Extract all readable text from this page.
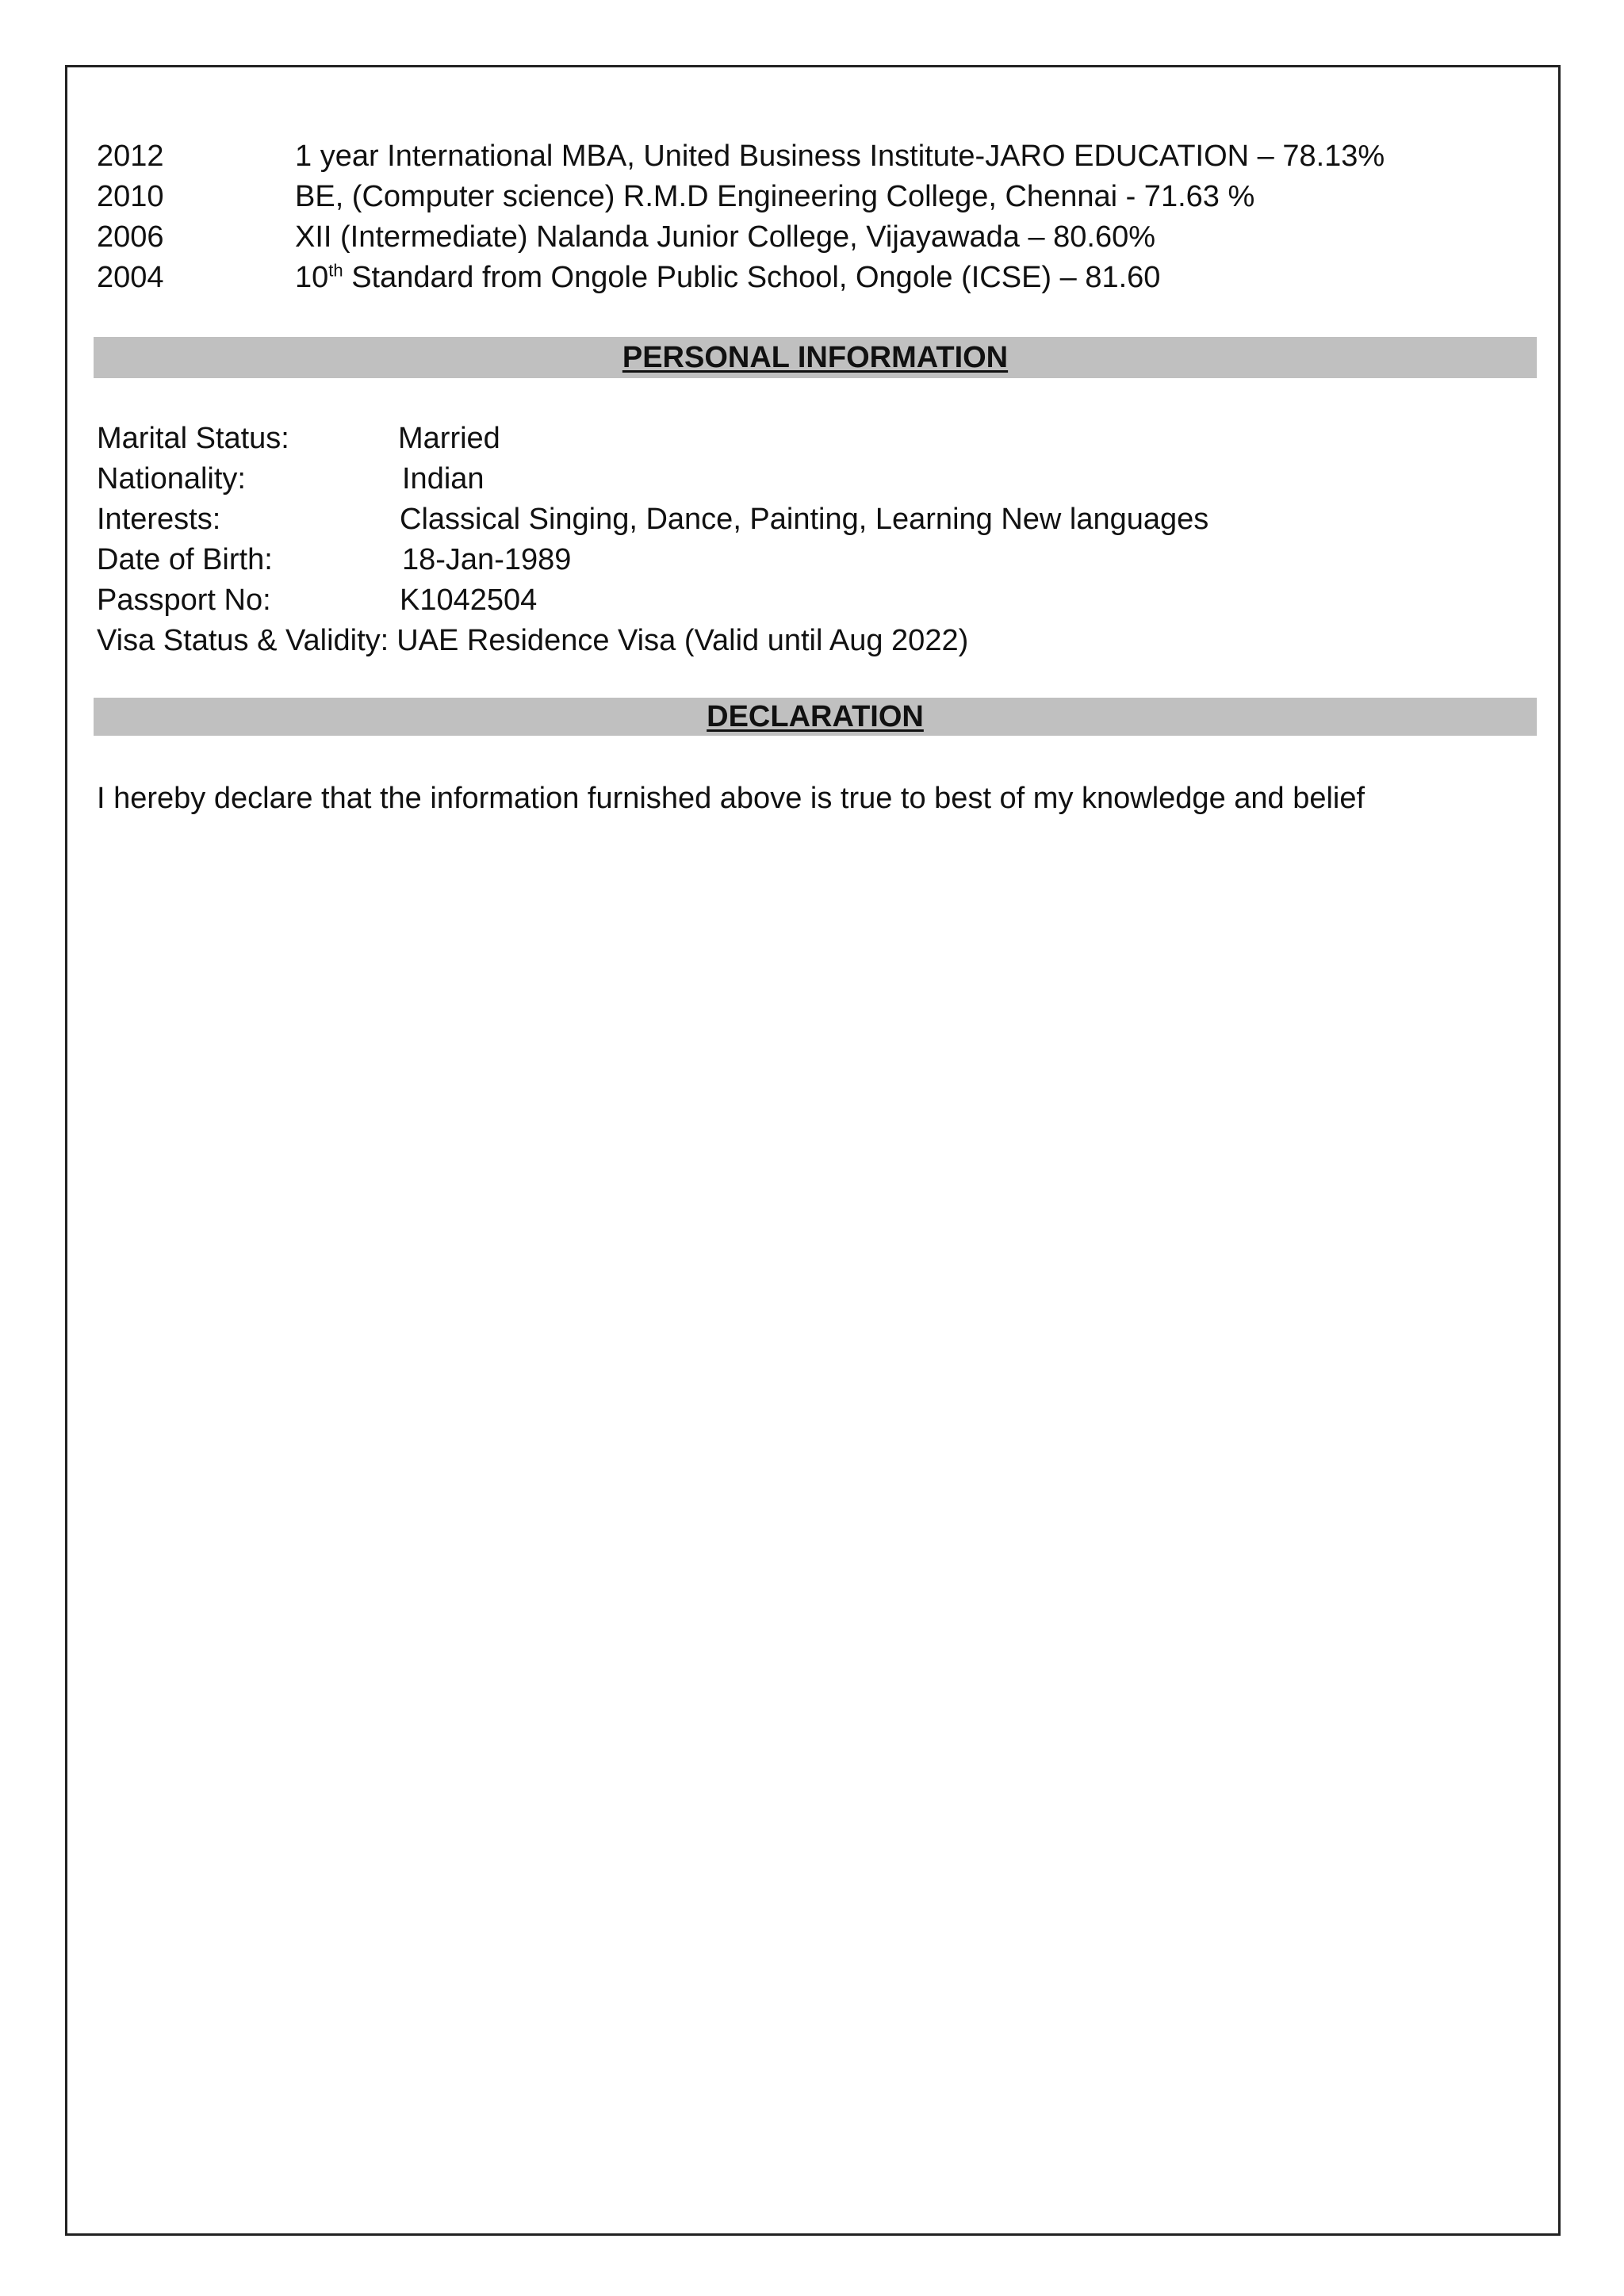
2012	1 year International MBA, United Business Institute-JARO EDUCATION – 78.13%
2010	BE, (Computer science) R.M.D Engineering College, Chennai - 71.63 %
2006	XII (Intermediate) Nalanda Junior College, Vijayawada – 80.60%
2004	10th Standard from Ongole Public School, Ongole (ICSE) – 81.60
PERSONAL INFORMATION
Marital Status:	Married
Nationality:	Indian
Interests:	Classical Singing, Dance, Painting, Learning New languages
Date of Birth:	18-Jan-1989
Passport No:	K1042504
Visa Status & Validity: UAE Residence Visa (Valid until Aug 2022)
DECLARATION
I hereby declare that the information furnished above is true to best of my knowledge and belief
